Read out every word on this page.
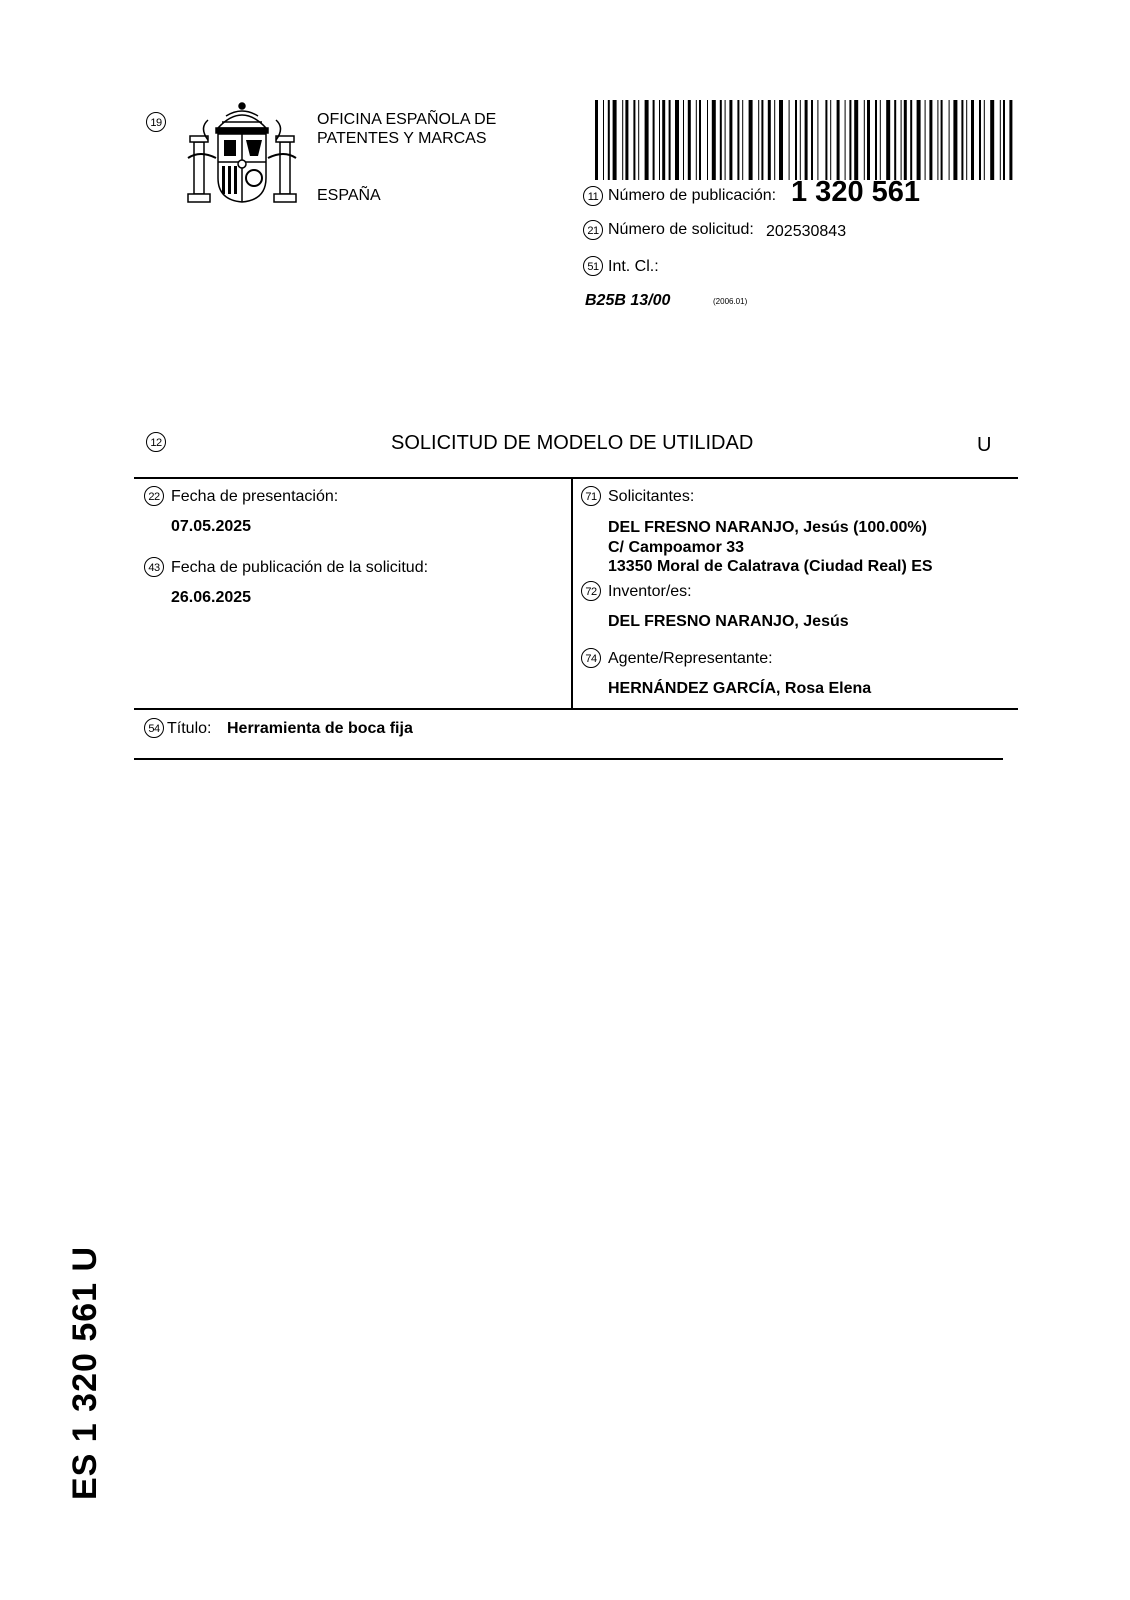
19	OFICINA ESPAÑOLA DE
PATENTES Y MARCAS
ESPAÑA	11 Número de publicación: 1 320 561
21 Número de solicitud: 202530843
51 Int. Cl.:
B25B 13/00	(2006.01)
12	SOLICITUD DE MODELO DE UTILIDAD	U
22 Fecha de presentación:
07.05.2025
43 Fecha de publicación de la solicitud:
26.06.2025
71 Solicitantes:
DEL FRESNO NARANJO, Jesús (100.00%)
C/ Campoamor 33
13350 Moral de Calatrava (Ciudad Real) ES
72 Inventor/es:
DEL FRESNO NARANJO, Jesús
74 Agente/Representante:
HERNÁNDEZ GARCÍA, Rosa Elena
54 Título: Herramienta de boca fija
ES 1 320 561 U
